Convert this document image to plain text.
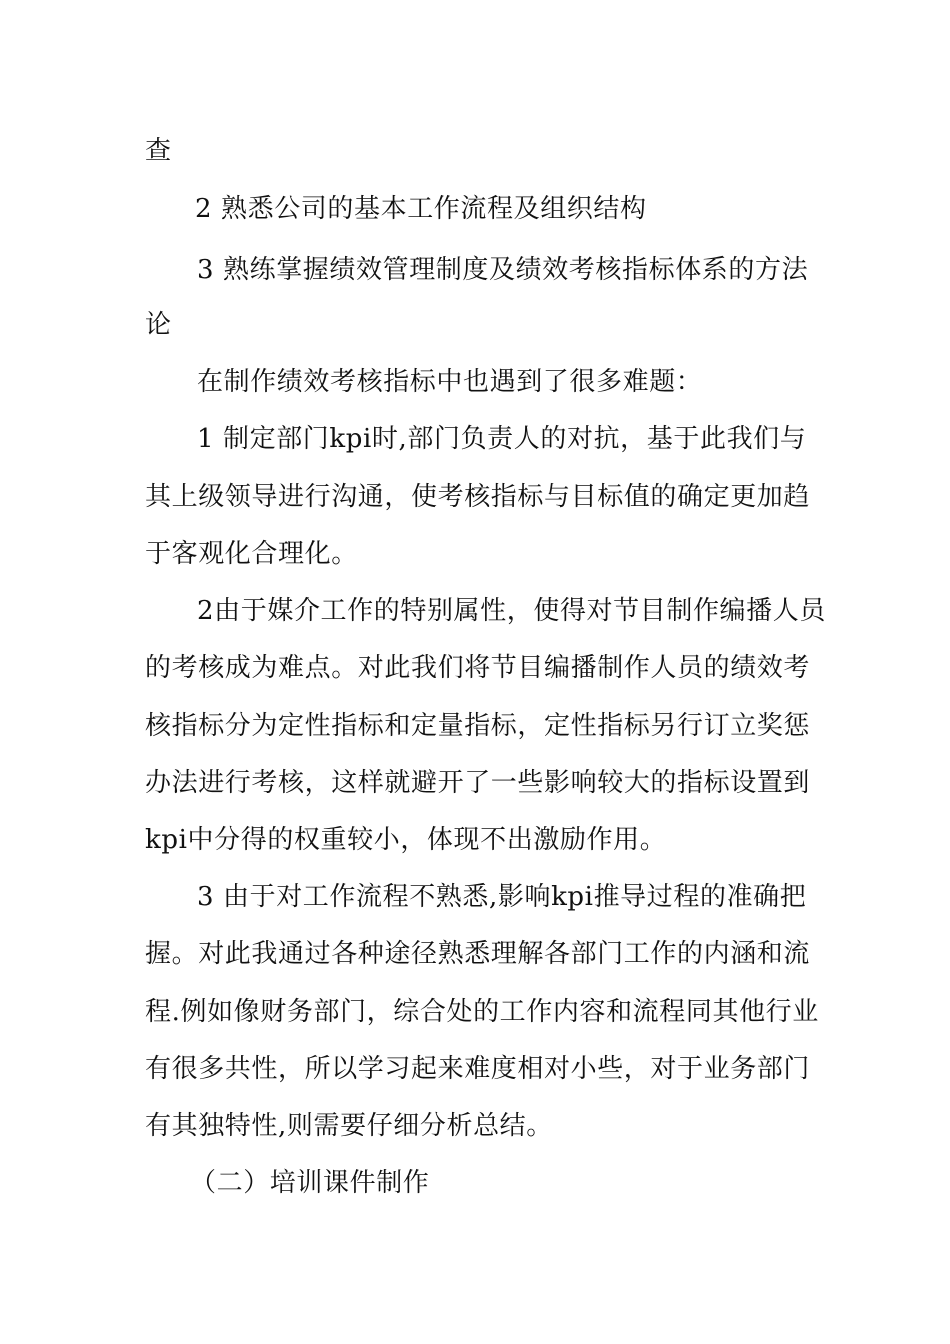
查
2 熟悉公司的基本工作流程及组织结构
3 熟练掌握绩效管理制度及绩效考核指标体系的方法
论
在制作绩效考核指标中也遇到了很多难题：
1 制定部门kpi时,部门负责人的对抗，基于此我们与
其上级领导进行沟通，使考核指标与目标值的确定更加趋
于客观化合理化。
2由于媒介工作的特别属性，使得对节目制作编播人员
的考核成为难点。对此我们将节目编播制作人员的绩效考
核指标分为定性指标和定量指标，定性指标另行订立奖惩
办法进行考核，这样就避开了一些影响较大的指标设置到
kpi中分得的权重较小，体现不出激励作用。
3 由于对工作流程不熟悉,影响kpi推导过程的准确把
握。对此我通过各种途径熟悉理解各部门工作的内涵和流
程.例如像财务部门，综合处的工作内容和流程同其他行业
有很多共性，所以学习起来难度相对小些，对于业务部门
有其独特性,则需要仔细分析总结。
（二）培训课件制作
